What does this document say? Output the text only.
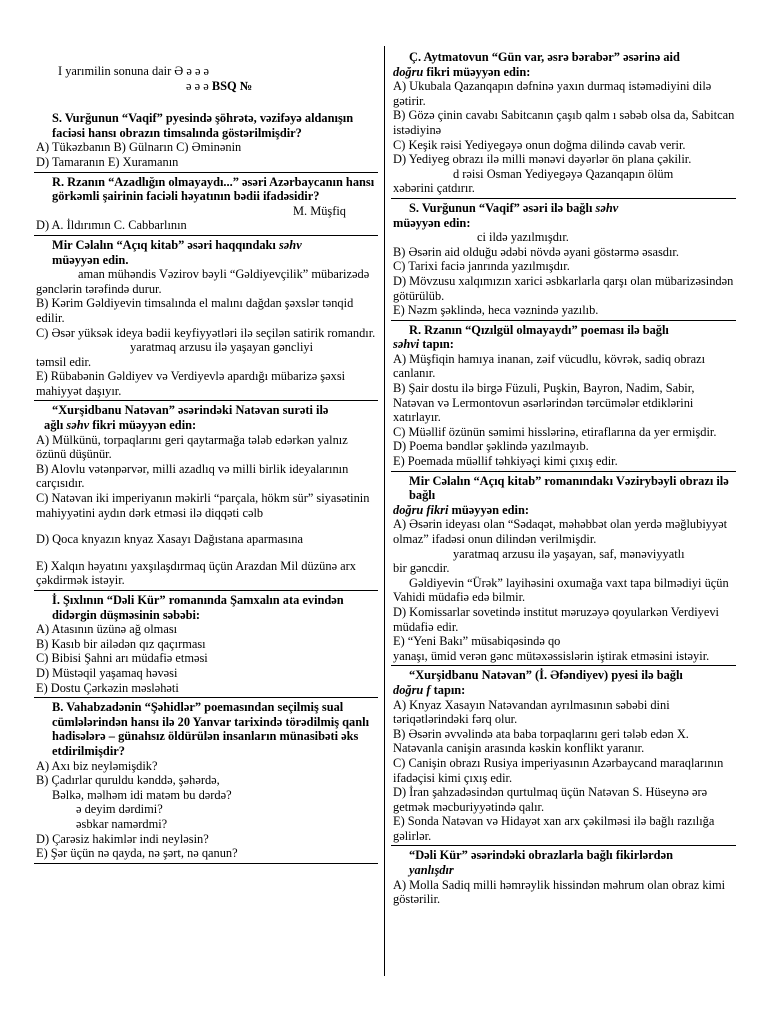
I yarımilin sonuna dair Ə ə ə ə
ə ə ə BSQ №

S. Vurğunun “Vaqif” pyesində şöhrətə, vəzifəyə aldanışın faciəsi hansı obrazın timsalında göstərilmişdir?

A) Tükəzbanın B) Gülnarın C) Əminənin

D) Tamaranın E) Xuramanın

R. Rzanın “Azadlığın olmayaydı...” əsəri Azərbaycanın hansı görkəmli şairinin faciəli həyatının bədii ifadəsidir?

M. Müşfiq

D) A. İldırımın C. Cabbarlının

Mir Cəlalın “Açıq kitab” əsəri haqqındakı səhv
müəyyən edin.

aman mühəndis Vəzirov bəyli “Gəldiyevçilik” mübarizədə gənclərin tərəfində durur.

B) Kərim Gəldiyevin timsalında el malını dağdan şəxslər tənqid edilir.

C) Əsər yüksək ideya bədii keyfiyyətləri ilə seçilən satirik romandır.

yaratmaq arzusu ilə yaşayan gəncliyi

təmsil edir.

E) Rübabənin Gəldiyev və Verdiyevlə apardığı mübarizə şəxsi mahiyyət daşıyır.

“Xurşidbanu Natəvan” əsərindəki Natəvan surəti ilə

ağlı səhv fikri müəyyən edin:

A) Mülkünü, torpaqlarını geri qaytarmağa tələb edərkən yalnız özünü düşünür.

B) Alovlu vətənpərvər, milli azadlıq və milli birlik ideyalarının carçısıdır.

C) Natəvan iki imperiyanın məkirli “parçala, hökm sür” siyasətinin mahiyyətini aydın dərk etməsi ilə diqqəti cəlb

D) Qoca knyazın knyaz Xasayı Dağıstana aparmasına

E) Xalqın həyatını yaxşılaşdırmaq üçün Arazdan Mil düzünə arx çəkdirmək istəyir.

İ. Şıxlının “Dəli Kür” romanında Şamxalın ata evindən didərgin düşməsinin səbəbi:

A) Atasının üzünə ağ olması

B) Kasıb bir ailədən qız qaçırması

C) Bibisi Şahni arı müdafiə etməsi

D) Müstəqil yaşamaq həvəsi

E) Dostu Çərkəzin məsləhəti

B. Vahabzadənin “Şəhidlər” poemasından seçilmiş sual cümlələrindən hansı ilə 20 Yanvar tarixində törədilmiş qanlı hadisələrə – günahsız öldürülən insanların münasibəti əks etdirilmişdir?

A) Axı biz neyləmişdik?

B) Çadırlar quruldu kənddə, şəhərdə,

Bəlkə, məlhəm idi matəm bu dərdə?

ə deyim dərdimi?

əsbkar namərdmi?

D) Çarəsiz hakimlər indi neyləsin?

E) Şər üçün nə qayda, nə şərt, nə qanun?

Ç. Aytmatovun “Gün var, əsrə bərabər” əsərinə aid

doğru fikri müəyyən edin:

A) Ukubala Qazanqapın dəfninə yaxın durmaq istəmədiyini dilə gətirir.

B) Gözə çinin cavabı Sabitcanın çaşıb qalm ı səbəb olsa da, Sabitcan istədiyinə

C) Keşik rəisi Yediyegəyə onun doğma dilində cavab verir.

D) Yediyeg obrazı ilə milli mənəvi dəyərlər ön plana çəkilir.

d rəisi Osman Yediyegəyə Qazanqapın ölüm

xəbərini çatdırır.

S. Vurğunun “Vaqif” əsəri ilə bağlı səhv

müəyyən edin:

ci ildə yazılmışdır.

B) Əsərin aid olduğu ədəbi növdə əyani göstərmə əsasdır.

C) Tarixi faciə janrında yazılmışdır.

D) Mövzusu xalqımızın xarici əsbkarlarla qarşı olan mübarizəsindən götürülüb.

E) Nəzm şəklində, heca vəznində yazılıb.

R. Rzanın “Qızılgül olmayaydı” poeması ilə bağlı

səhvi tapın:

A) Müşfiqin hamıya inanan, zəif vücudlu, kövrək, sadiq obrazı canlanır.

B) Şair dostu ilə birgə Füzuli, Puşkin, Bayron, Nadim, Sabir, Natəvan və Lermontovun əsərlərindən tərcümələr etdiklərini xatırlayır.

C) Müəllif özünün səmimi hisslərinə, etiraflarına da yer ermişdir.

D) Poema bəndlər şəklində yazılmayıb.

E) Poemada müəllif təhkiyəçi kimi çıxış edir.

Mir Cəlalın “Açıq kitab” romanındakı Vəzirybəyli obrazı ilə bağlı

doğru fikri müəyyən edin:

A) Əsərin ideyası olan “Sədaqət, məhəbbət olan yerdə məğlubiyyət olmaz” ifadəsi onun dilindən verilmişdir.

yaratmaq arzusu ilə yaşayan, saf, mənəviyyatlı

bir gəncdir.

Gəldiyevin “Ürək” layihəsini oxumağa vaxt tapa bilmədiyi üçün Vahidi müdafiə edə bilmir.

D) Komissarlar sovetində institut məruzəyə qoyularkən Verdiyevi müdafiə edir.

E) “Yeni Bakı” müsabiqəsində qo

yanaşı, ümid verən gənc mütəxəssislərin iştirak etməsini istəyir.

“Xurşidbanu Natəvan” (İ. Əfəndiyev) pyesi ilə bağlı

doğru f tapın:

A) Knyaz Xasayın Natəvandan ayrılmasının səbəbi dini təriqətlərindəki fərq olur.

B) Əsərin əvvəlində ata baba torpaqlarını geri tələb edən X. Natəvanla canişin arasında kəskin konflikt yaranır.

C) Canişin obrazı Rusiya imperiyasının Azərbaycand maraqlarının ifadəçisi kimi çıxış edir.

D) İran şahzadəsindən qurtulmaq üçün Natəvan S. Hüseynə ərə getmək məcburiyyətində qalır.

E) Sonda Natəvan və Hidayət xan arx çəkilməsi ilə bağlı razılığa gəlirlər.

“Dəli Kür” əsərindəki obrazlarla bağlı fikirlərdən

yanlışdır

A) Molla Sadiq milli həmrəylik hissindən məhrum olan obraz kimi göstərilir.
